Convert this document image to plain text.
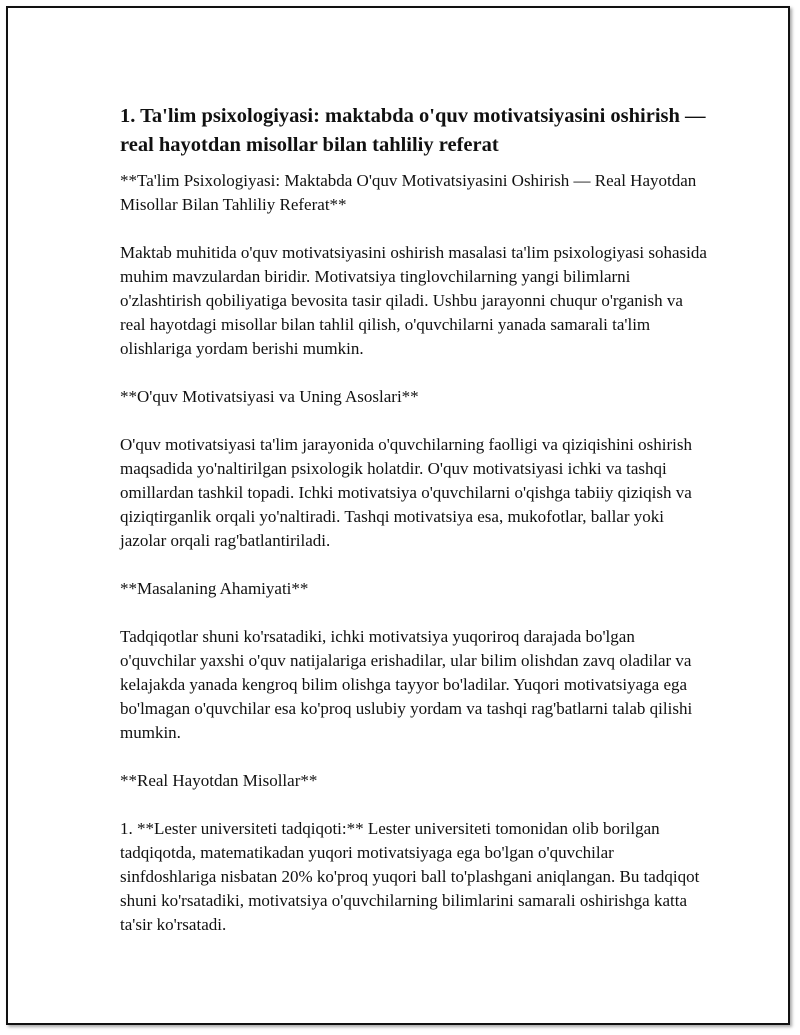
1. Ta'lim psixologiyasi: maktabda o'quv motivatsiyasini oshirish — real hayotdan misollar bilan tahliliy referat

**Ta'lim Psixologiyasi: Maktabda O'quv Motivatsiyasini Oshirish — Real Hayotdan Misollar Bilan Tahliliy Referat**

Maktab muhitida o'quv motivatsiyasini oshirish masalasi ta'lim psixologiyasi sohasida muhim mavzulardan biridir. Motivatsiya tinglovchilarning yangi bilimlarni o'zlashtirish qobiliyatiga bevosita tasir qiladi. Ushbu jarayonni chuqur o'rganish va real hayotdagi misollar bilan tahlil qilish, o'quvchilarni yanada samarali ta'lim olishlariga yordam berishi mumkin.

**O'quv Motivatsiyasi va Uning Asoslari**

O'quv motivatsiyasi ta'lim jarayonida o'quvchilarning faolligi va qiziqishini oshirish maqsadida yo'naltirilgan psixologik holatdir. O'quv motivatsiyasi ichki va tashqi omillardan tashkil topadi. Ichki motivatsiya o'quvchilarni o'qishga tabiiy qiziqish va qiziqtirganlik orqali yo'naltiradi. Tashqi motivatsiya esa, mukofotlar, ballar yoki jazolar orqali rag'batlantiriladi.

**Masalaning Ahamiyati**

Tadqiqotlar shuni ko'rsatadiki, ichki motivatsiya yuqoriroq darajada bo'lgan o'quvchilar yaxshi o'quv natijalariga erishadilar, ular bilim olishdan zavq oladilar va kelajakda yanada kengroq bilim olishga tayyor bo'ladilar. Yuqori motivatsiyaga ega bo'lmagan o'quvchilar esa ko'proq uslubiy yordam va tashqi rag'batlarni talab qilishi mumkin.

**Real Hayotdan Misollar**

1. **Lester universiteti tadqiqoti:** Lester universiteti tomonidan olib borilgan tadqiqotda, matematikadan yuqori motivatsiyaga ega bo'lgan o'quvchilar sinfdoshlariga nisbatan 20% ko'proq yuqori ball to'plashgani aniqlangan. Bu tadqiqot shuni ko'rsatadiki, motivatsiya o'quvchilarning bilimlarini samarali oshirishga katta ta'sir ko'rsatadi.
